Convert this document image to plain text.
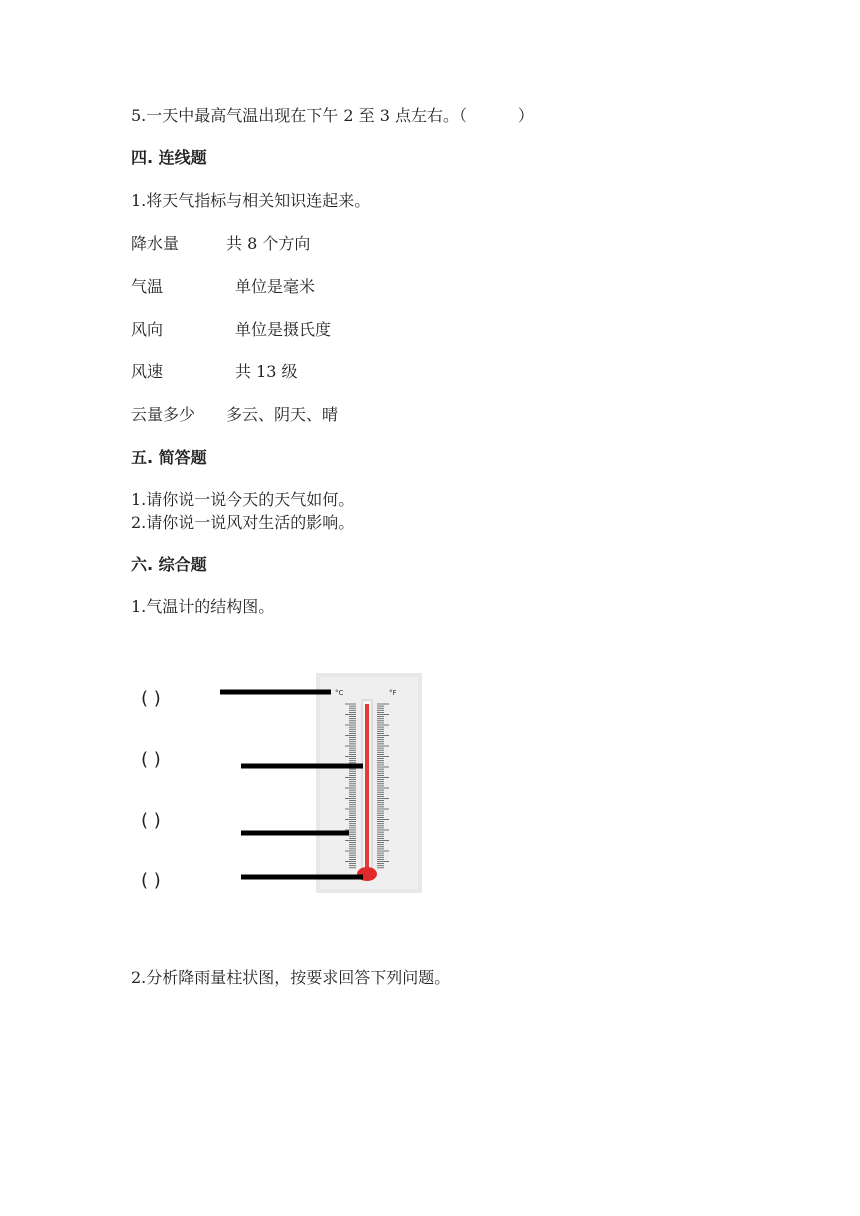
5.一天中最高气温出现在下午 2 至 3 点左右。（          ）
四. 连线题
1.将天气指标与相关知识连起来。
降水量	共 8 个方向
气温	单位是毫米
风向	单位是摄氏度
风速	共 13 级
云量多少 多云、阴天、晴
五. 简答题
1.请你说一说今天的天气如何。
2.请你说一说风对生活的影响。
六. 综合题
1.气温计的结构图。
( )
( )
( )
( )
°C	°F
2.分析降雨量柱状图，按要求回答下列问题。
